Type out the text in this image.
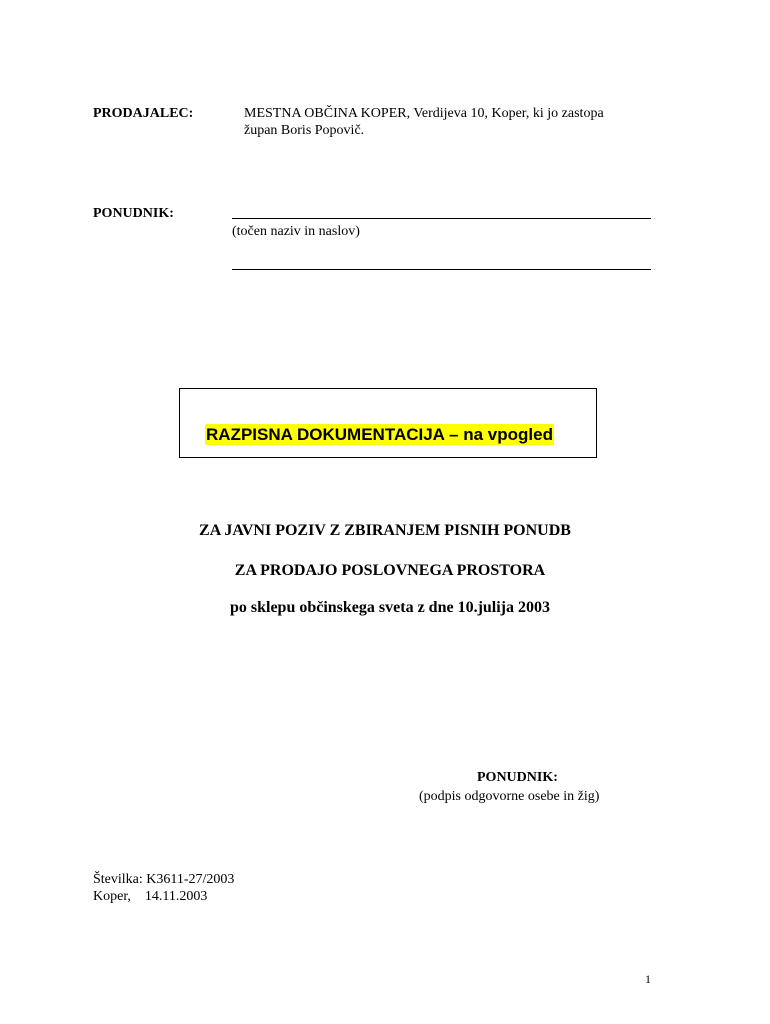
PRODAJALEC:	MESTNA OBČINA KOPER, Verdijeva 10, Koper, ki jo zastopa
župan Boris Popovič.
PONUDNIK:
(točen naziv in naslov)
RAZPISNA DOKUMENTACIJA – na vpogled
ZA JAVNI POZIV Z ZBIRANJEM PISNIH PONUDB
ZA PRODAJO POSLOVNEGA PROSTORA
po sklepu občinskega sveta z dne 10.julija 2003
PONUDNIK:
(podpis odgovorne osebe in žig)
Številka: K3611-27/2003
Koper,    14.11.2003
1
